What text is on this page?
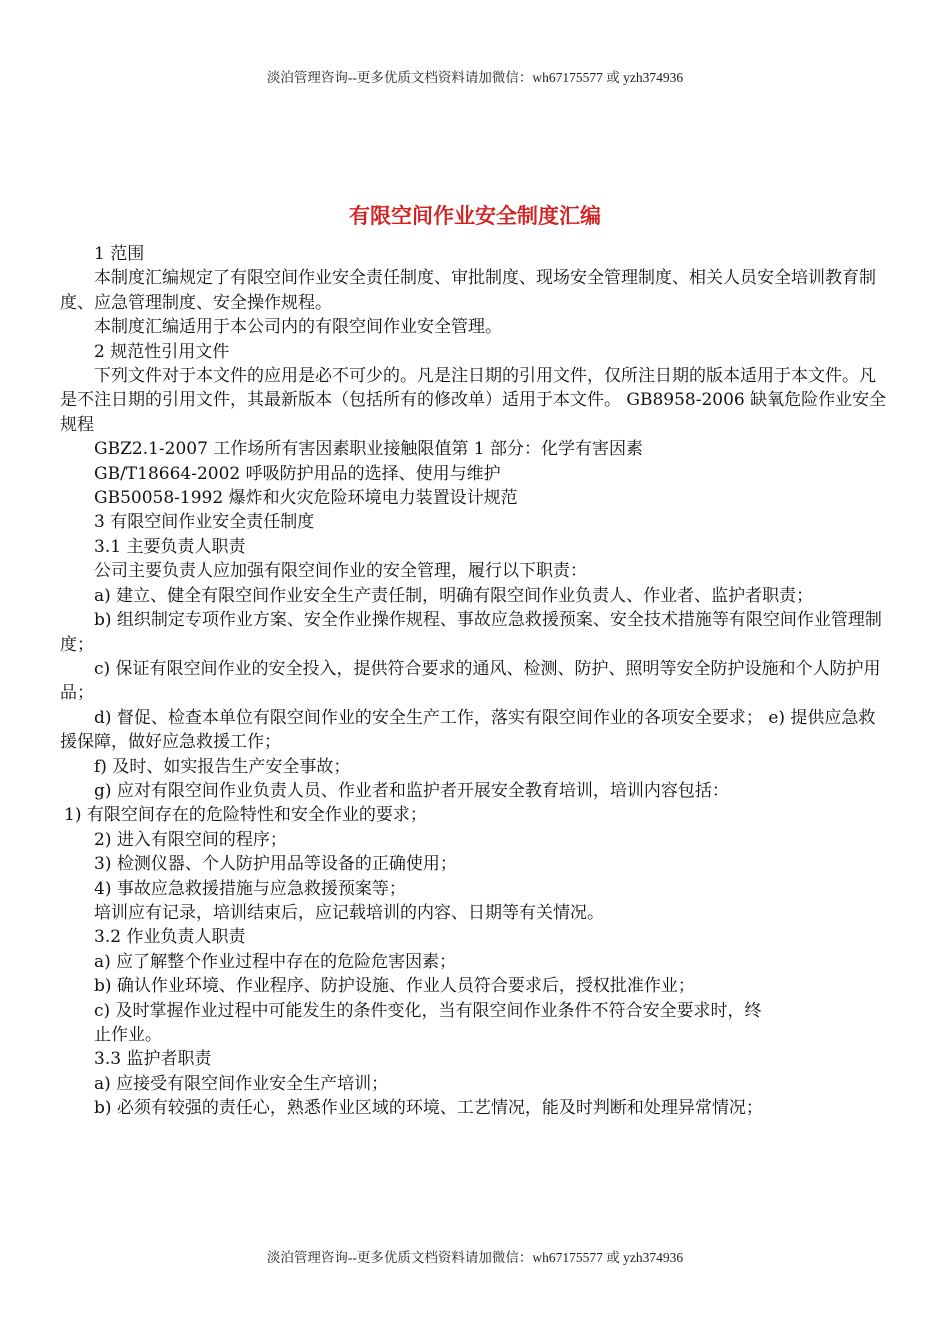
淡泊管理咨询--更多优质文档资料请加微信：wh67175577 或 yzh374936
有限空间作业安全制度汇编

1 范围

本制度汇编规定了有限空间作业安全责任制度、审批制度、现场安全管理制度、相关人员安全培训教育制度、应急管理制度、安全操作规程。

本制度汇编适用于本公司内的有限空间作业安全管理。

2 规范性引用文件

下列文件对于本文件的应用是必不可少的。凡是注日期的引用文件，仅所注日期的版本适用于本文件。凡是不注日期的引用文件，其最新版本（包括所有的修改单）适用于本文件。 GB8958-2006 缺氧危险作业安全规程

GBZ2.1-2007 工作场所有害因素职业接触限值第 1 部分：化学有害因素

GB/T18664-2002 呼吸防护用品的选择、使用与维护

GB50058-1992 爆炸和火灾危险环境电力装置设计规范

3 有限空间作业安全责任制度

3.1 主要负责人职责

公司主要负责人应加强有限空间作业的安全管理，履行以下职责：

a) 建立、健全有限空间作业安全生产责任制，明确有限空间作业负责人、作业者、监护者职责；

b) 组织制定专项作业方案、安全作业操作规程、事故应急救援预案、安全技术措施等有限空间作业管理制度；

c) 保证有限空间作业的安全投入，提供符合要求的通风、检测、防护、照明等安全防护设施和个人防护用品；

d) 督促、检查本单位有限空间作业的安全生产工作，落实有限空间作业的各项安全要求； e) 提供应急救援保障，做好应急救援工作；

f) 及时、如实报告生产安全事故；

g) 应对有限空间作业负责人员、作业者和监护者开展安全教育培训，培训内容包括：

1) 有限空间存在的危险特性和安全作业的要求；

2) 进入有限空间的程序；

3) 检测仪器、个人防护用品等设备的正确使用；

4) 事故应急救援措施与应急救援预案等；

培训应有记录，培训结束后，应记载培训的内容、日期等有关情况。

3.2 作业负责人职责

a) 应了解整个作业过程中存在的危险危害因素；

b) 确认作业环境、作业程序、防护设施、作业人员符合要求后，授权批准作业；

c) 及时掌握作业过程中可能发生的条件变化，当有限空间作业条件不符合安全要求时，终

止作业。

3.3 监护者职责

a) 应接受有限空间作业安全生产培训；

b) 必须有较强的责任心，熟悉作业区域的环境、工艺情况，能及时判断和处理异常情况；

淡泊管理咨询--更多优质文档资料请加微信：wh67175577 或 yzh374936
